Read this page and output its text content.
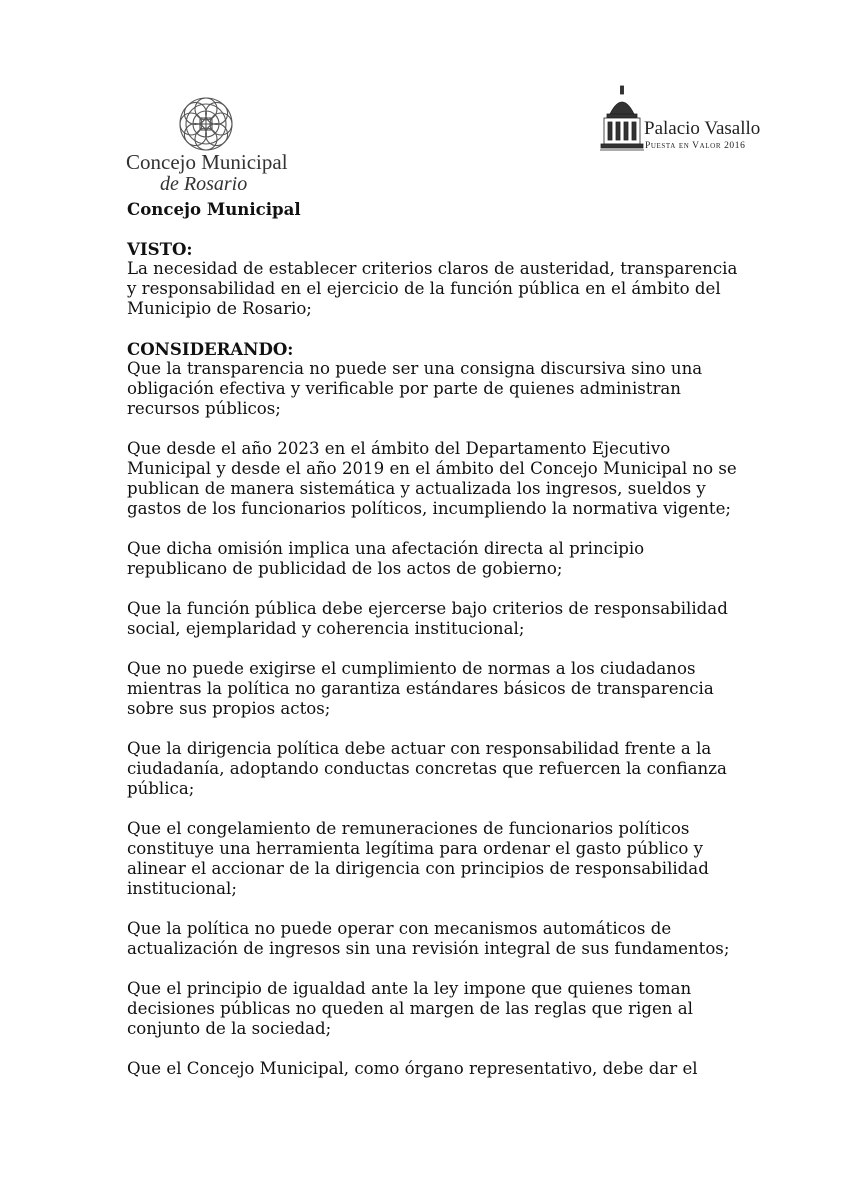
Concejo Municipal
de Rosario
Palacio Vasallo
Puesta en Valor 2016
Concejo Municipal
VISTO:
La necesidad de establecer criterios claros de austeridad, transparencia
y responsabilidad en el ejercicio de la función pública en el ámbito del
Municipio de Rosario;
CONSIDERANDO:
Que la transparencia no puede ser una consigna discursiva sino una
obligación efectiva y verificable por parte de quienes administran
recursos públicos;
Que desde el año 2023 en el ámbito del Departamento Ejecutivo
Municipal y desde el año 2019 en el ámbito del Concejo Municipal no se
publican de manera sistemática y actualizada los ingresos, sueldos y
gastos de los funcionarios políticos, incumpliendo la normativa vigente;
Que dicha omisión implica una afectación directa al principio
republicano de publicidad de los actos de gobierno;
Que la función pública debe ejercerse bajo criterios de responsabilidad
social, ejemplaridad y coherencia institucional;
Que no puede exigirse el cumplimiento de normas a los ciudadanos
mientras la política no garantiza estándares básicos de transparencia
sobre sus propios actos;
Que la dirigencia política debe actuar con responsabilidad frente a la
ciudadanía, adoptando conductas concretas que refuercen la confianza
pública;
Que el congelamiento de remuneraciones de funcionarios políticos
constituye una herramienta legítima para ordenar el gasto público y
alinear el accionar de la dirigencia con principios de responsabilidad
institucional;
Que la política no puede operar con mecanismos automáticos de
actualización de ingresos sin una revisión integral de sus fundamentos;
Que el principio de igualdad ante la ley impone que quienes toman
decisiones públicas no queden al margen de las reglas que rigen al
conjunto de la sociedad;
Que el Concejo Municipal, como órgano representativo, debe dar el
